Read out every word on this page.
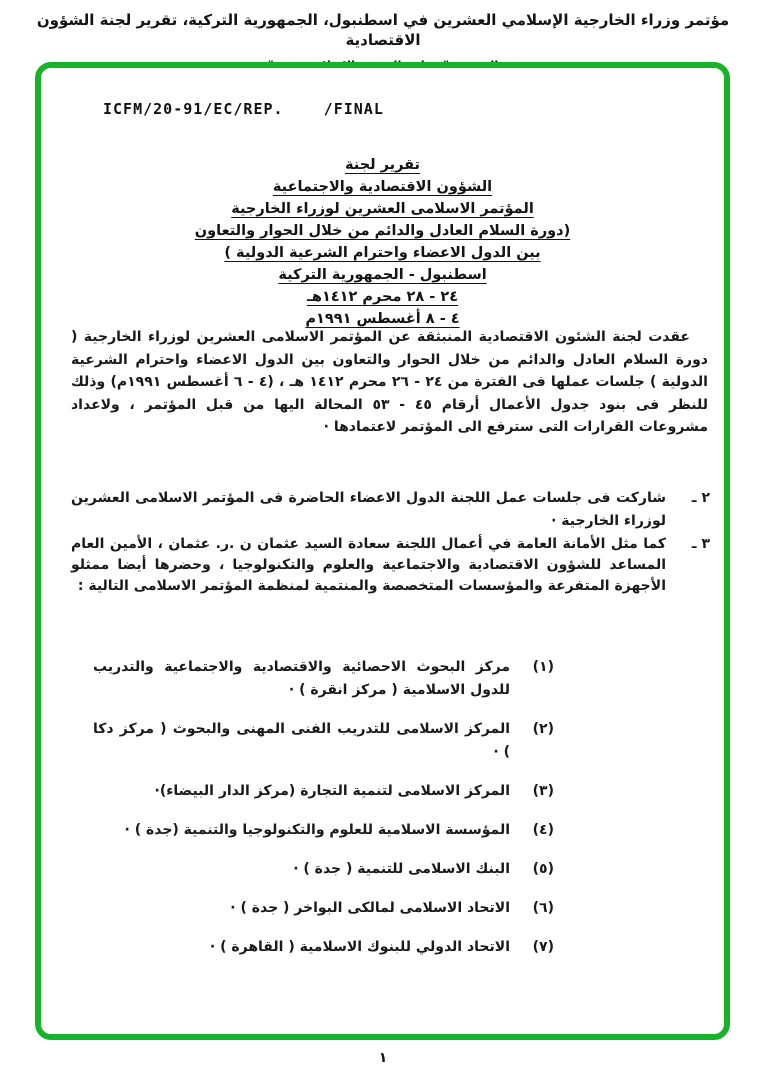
مؤتمر وزراء الخارجية الإسلامي العشرين في اسطنبول، الجمهورية التركية، تقرير لجنة الشؤون الاقتصادية
ICFM/20-91/EC/REP.    /FINAL
تقرير لجنة
الشؤون الاقتصادية والاجتماعية
المؤتمر الاسلامى العشرين لوزراء الخارجية
(دورة السلام العادل والدائم من خلال الحوار والتعاون
بين الدول الاعضاء واحترام الشرعية الدولية )
اسطنبول - الجمهورية التركية
٢٤ - ٢٨ محرم ١٤١٢هـ
٤ - ٨ أغسطس ١٩٩١م
عقدت لجنة الشئون الاقتصادية المنبثقة عن المؤتمر الاسلامى العشرين لوزراء الخارجية ( دورة السلام العادل والدائم من خلال الحوار والتعاون بين الدول الاعضاء واحترام الشرعية الدولية ) جلسات عملها فى الفترة من ٢٤ - ٢٦ محرم ١٤١٢ هـ ، (٤ - ٦ أغسطس ١٩٩١م) وذلك للنظر فى بنود جدول الأعمال أرقام ٤٥ - ٥٣ المحالة اليها من قبل المؤتمر ، ولاعداد مشروعات القرارات التى سترفع الى المؤتمر لاعتمادها ·
٢ ـ
شاركت فى جلسات عمل اللجنة الدول الاعضاء الحاضرة فى المؤتمر الاسلامى العشرين لوزراء الخارجية ·
٣ ـ
كما مثل الأمانة العامة في أعمال اللجنة سعادة السيد عثمان ن .ر. عثمان ، الأمين العام المساعد للشؤون الاقتصادية والاجتماعية والعلوم والتكنولوجيا ، وحضرها أيضا ممثلو الأجهزة المتفرعة والمؤسسات المتخصصة والمنتمية لمنظمة المؤتمر الاسلامى التالية :
(١)
مركز البحوث الاحصائية والاقتصادية والاجتماعية والتدريب للدول الاسلامية ( مركز انقرة ) ·
(٢)
المركز الاسلامى للتدريب الفنى المهنى والبحوث ( مركز دكا ) ·
(٣)
المركز الاسلامى لتنمية التجارة (مركز الدار البيضاء)·
(٤)
المؤسسة الاسلامية للعلوم والتكنولوجيا والتنمية (جدة ) ·
(٥)
البنك الاسلامى للتنمية ( جدة ) ·
(٦)
الاتحاد الاسلامى لمالكى البواخر ( جدة ) ·
(٧)
الاتحاد الدولي للبنوك الاسلامية ( القاهرة ) ·
١
